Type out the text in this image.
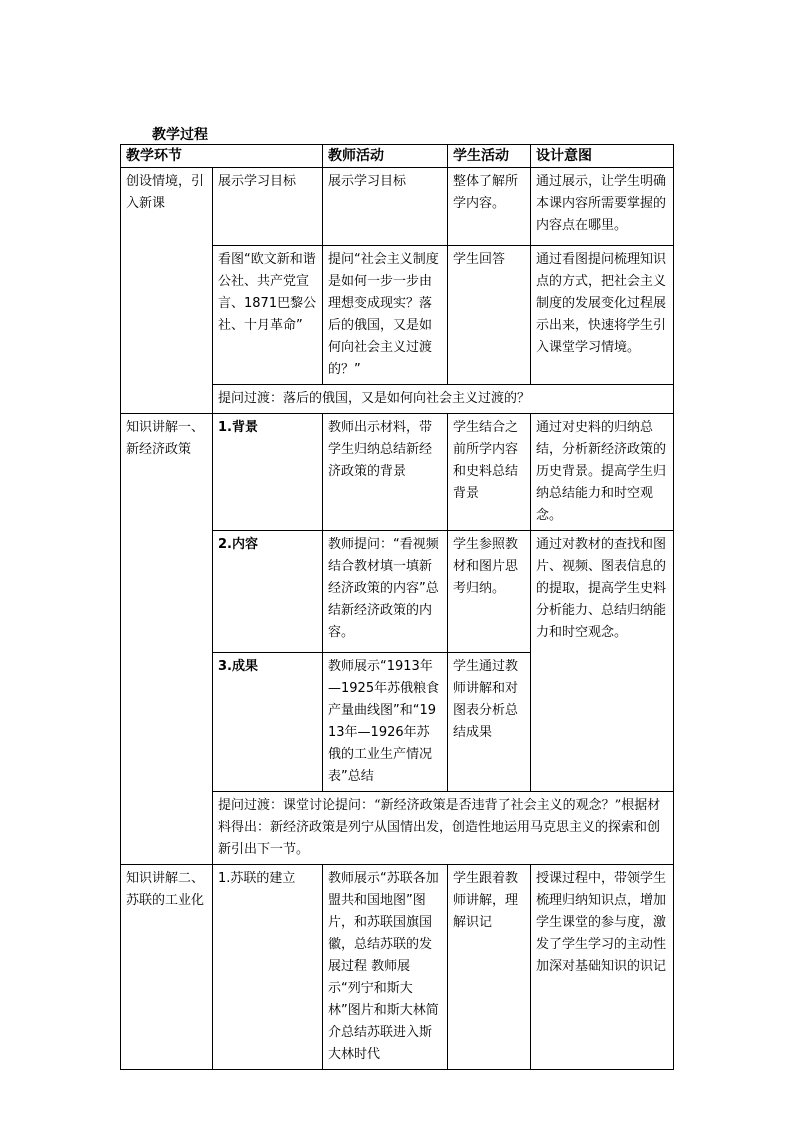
教学过程
教学环节		教师活动	学生活动	设计意图
创设情境，引入新课	展示学习目标	展示学习目标	整体了解所学内容。	通过展示，让学生明确本课内容所需要掌握的内容点在哪里。
	看图“欧文新和谐公社、共产党宣言、1871巴黎公社、十月革命”	提问“社会主义制度是如何一步一步由理想变成现实？落后的俄国，又是如何向社会主义过渡的？”	学生回答	通过看图提问梳理知识点的方式，把社会主义制度的发展变化过程展示出来，快速将学生引入课堂学习情境。
	提问过渡：落后的俄国，又是如何向社会主义过渡的？			
知识讲解一、新经济政策	1.背景	教师出示材料，带学生归纳总结新经济政策的背景	学生结合之前所学内容和史料总结背景	通过对史料的归纳总结，分析新经济政策的历史背景。提高学生归纳总结能力和时空观念。
	2.内容	教师提问：“看视频结合教材填一填新经济政策的内容”总结新经济政策的内容。	学生参照教材和图片思考归纳。	通过对教材的查找和图片、视频、图表信息的的提取，提高学生史料分析能力、总结归纳能力和时空观念。
	3.成果	教师展示“1913年—1925年苏俄粮食产量曲线图”和“1913年—1926年苏俄的工业生产情况表”总结	学生通过教师讲解和对图表分析总结成果	
	提问过渡：课堂讨论提问：“新经济政策是否违背了社会主义的观念？”根据材料得出：新经济政策是列宁从国情出发，创造性地运用马克思主义的探索和创新引出下一节。			
知识讲解二、苏联的工业化	1.苏联的建立	教师展示“苏联各加盟共和国地图”图片，和苏联国旗国徽，总结苏联的发展过程 教师展示“列宁和斯大林”图片和斯大林简介总结苏联进入斯大林时代	学生跟着教师讲解，理解识记	授课过程中，带领学生梳理归纳知识点，增加学生课堂的参与度，激发了学生学习的主动性加深对基础知识的识记
